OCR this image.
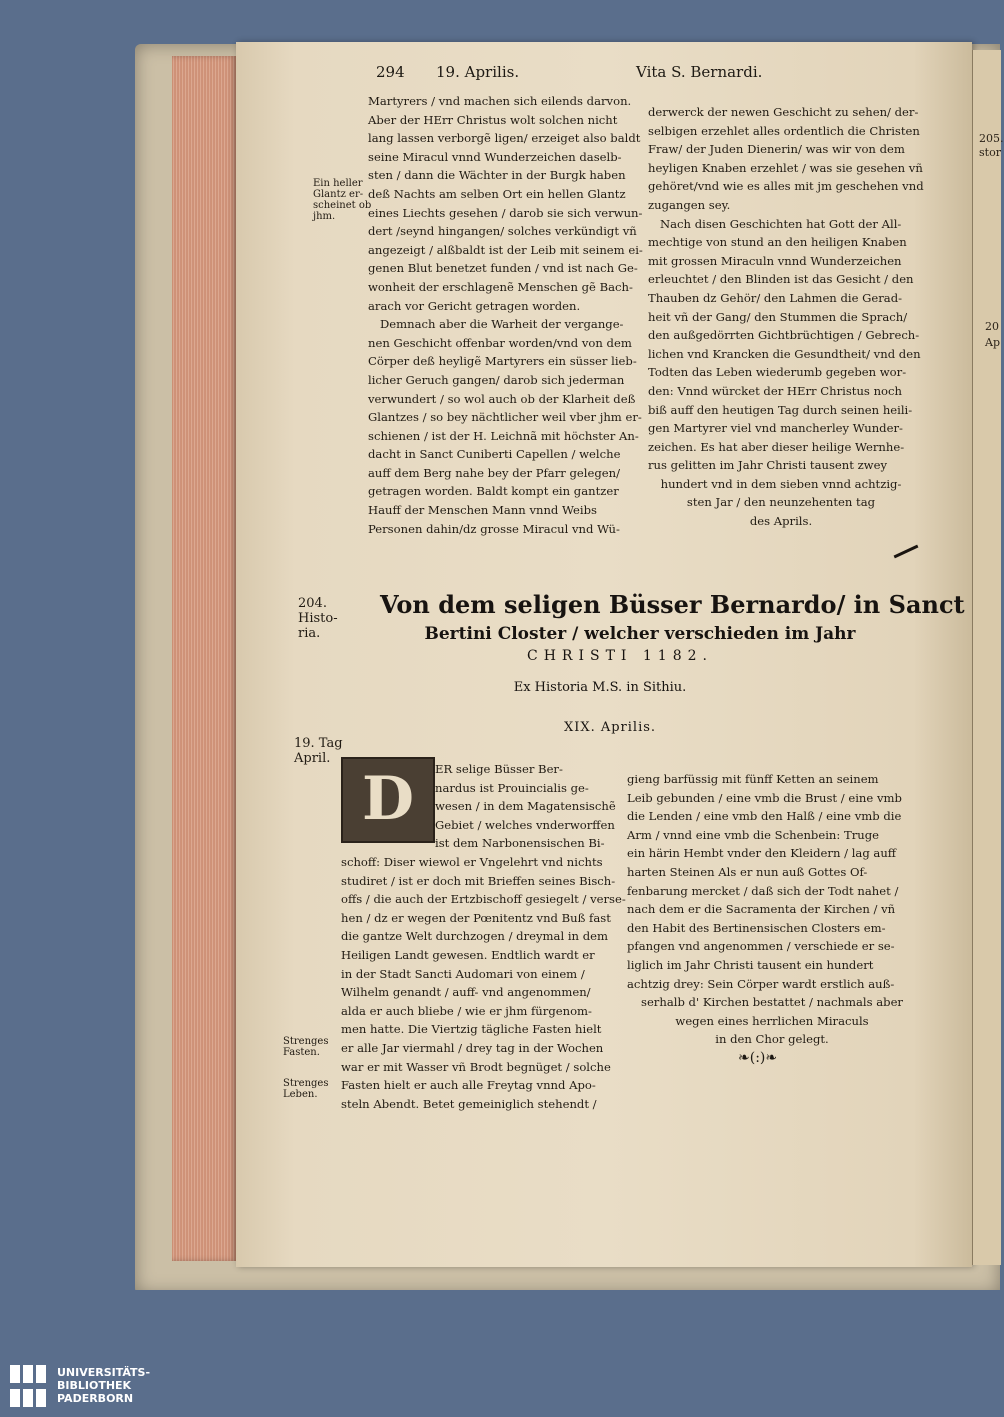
205.
stor
20
Ap
294 19. Aprilis.	Vita S. Bernardi.
Ein heller
Glantz er-
scheinet ob
jhm.
Martyrers / vnd machen sich eilends darvon.
Aber der HErr Christus wolt solchen nicht
lang lassen verborgẽ ligen/ erzeiget also baldt
seine Miracul vnnd Wunderzeichen daselb-
sten / dann die Wächter in der Burgk haben
deß Nachts am selben Ort ein hellen Glantz
eines Liechts gesehen / darob sie sich verwun-
dert /seynd hingangen/ solches verkündigt vñ
angezeigt / alßbaldt ist der Leib mit seinem ei-
genen Blut benetzet funden / vnd ist nach Ge-
wonheit der erschlagenẽ Menschen gẽ Bach-
arach vor Gericht getragen worden.
Demnach aber die Warheit der vergange-
nen Geschicht offenbar worden/vnd von dem
Cörper deß heyligẽ Martyrers ein süsser lieb-
licher Geruch gangen/ darob sich jederman
verwundert / so wol auch ob der Klarheit deß
Glantzes / so bey nächtlicher weil vber jhm er-
schienen / ist der H. Leichnã mit höchster An-
dacht in Sanct Cuniberti Capellen / welche
auff dem Berg nahe bey der Pfarr gelegen/
getragen worden. Baldt kompt ein gantzer
Hauff der Menschen Mann vnnd Weibs
Personen dahin/dz grosse Miracul vnd Wü-
derwerck der newen Geschicht zu sehen/ der-
selbigen erzehlet alles ordentlich die Christen
Fraw/ der Juden Dienerin/ was wir von dem
heyligen Knaben erzehlet / was sie gesehen vñ
gehöret/vnd wie es alles mit jm geschehen vnd
zugangen sey.
Nach disen Geschichten hat Gott der All-
mechtige von stund an den heiligen Knaben
mit grossen Miraculn vnnd Wunderzeichen
erleuchtet / den Blinden ist das Gesicht / den
Thauben dz Gehör/ den Lahmen die Gerad-
heit vñ der Gang/ den Stummen die Sprach/
den außgedörrten Gichtbrüchtigen / Gebrech-
lichen vnd Krancken die Gesundtheit/ vnd den
Todten das Leben wiederumb gegeben wor-
den: Vnnd würcket der HErr Christus noch
biß auff den heutigen Tag durch seinen heili-
gen Martyrer viel vnd mancherley Wunder-
zeichen. Es hat aber dieser heilige Wernhe-
rus gelitten im Jahr Christi tausent zwey
hundert vnd in dem sieben vnnd achtzig-
sten Jar / den neunzehenten tag
des Aprils.
204.
Histo-
ria.
Von dem seligen Büsser Bernardo/ in Sanct
Bertini Closter / welcher verschieden im Jahr
CHRISTI 1182.
Ex Historia M.S. in Sithiu.
XIX. Aprilis.
19. Tag
April.
D	ER selige Büsser Ber-
nardus ist Prouincialis ge-
wesen / in dem Magatensischẽ
Gebiet / welches vnderworffen
ist dem Narbonensischen Bi-
schoff: Diser wiewol er Vngelehrt vnd nichts
studiret / ist er doch mit Brieffen seines Bisch-
offs / die auch der Ertzbischoff gesiegelt / verse-
hen / dz er wegen der Pœnitentz vnd Buß fast
die gantze Welt durchzogen / dreymal in dem
Heiligen Landt gewesen. Endtlich wardt er
in der Stadt Sancti Audomari von einem /
Wilhelm genandt / auff- vnd angenommen/
alda er auch bliebe / wie er jhm fürgenom-
men hatte. Die Viertzig tägliche Fasten hielt
er alle Jar viermahl / drey tag in der Wochen
war er mit Wasser vñ Brodt begnüget / solche
Fasten hielt er auch alle Freytag vnnd Apo-
steln Abendt. Betet gemeiniglich stehendt /
Strenges
Fasten.
Strenges
Leben.
gieng barfüssig mit fünff Ketten an seinem
Leib gebunden / eine vmb die Brust / eine vmb
die Lenden / eine vmb den Halß / eine vmb die
Arm / vnnd eine vmb die Schenbein: Truge
ein härin Hembt vnder den Kleidern / lag auff
harten Steinen Als er nun auß Gottes Of-
fenbarung mercket / daß sich der Todt nahet /
nach dem er die Sacramenta der Kirchen / vñ
den Habit des Bertinensischen Closters em-
pfangen vnd angenommen / verschiede er se-
liglich im Jahr Christi tausent ein hundert
achtzig drey: Sein Cörper wardt erstlich auß-
serhalb d' Kirchen bestattet / nachmals aber
wegen eines herrlichen Miraculs
in den Chor gelegt.
❧(:)❧
UNIVERSITÄTS-
BIBLIOTHEK
PADERBORN
